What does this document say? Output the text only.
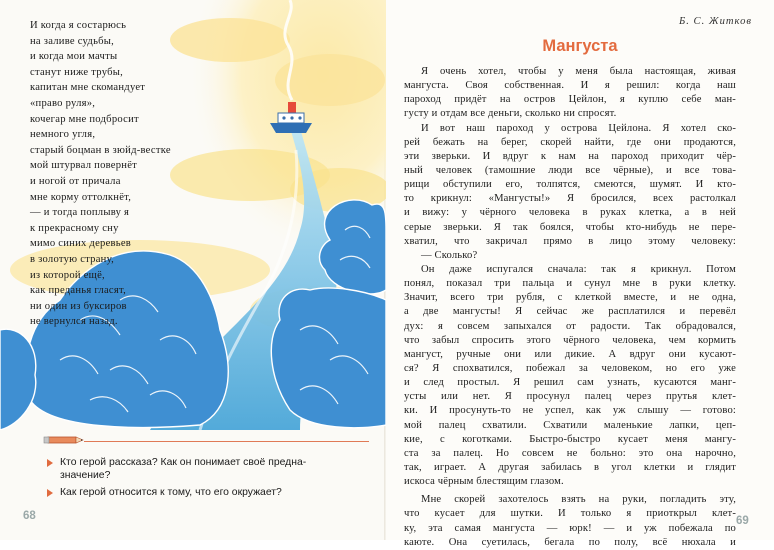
И когда я состарюсь
на заливе судьбы,
и когда мои мачты
станут ниже трубы,
капитан мне скомандует
«право руля»,
кочегар мне подбросит
немного угля,
старый боцман в зюйд-вестке
мой штурвал повернёт
и ногой от причала
мне корму оттолкнёт,
— и тогда поплыву я
к прекрасному сну
мимо синих деревьев
в золотую страну,
из которой ещё,
как преданья гласят,
ни один из буксиров
не вернулся назад.
Кто герой рассказа? Как он понимает своё предна-
значение?
Как герой относится к тому, что его окружает?
68
Б. С. Житков
Мангуста
Я очень хотел, чтобы у меня была настоящая, живая
мангуста. Своя собственная. И я решил: когда наш
пароход придёт на остров Цейлон, я куплю себе ман-
густу и отдам все деньги, сколько ни спросят.
И вот наш пароход у острова Цейлона. Я хотел ско-
рей бежать на берег, скорей найти, где они продаются,
эти зверьки. И вдруг к нам на пароход приходит чёр-
ный человек (тамошние люди все чёрные), и все това-
рищи обступили его, толпятся, смеются, шумят. И кто-
то крикнул: «Мангусты!» Я бросился, всех растолкал
и вижу: у чёрного человека в руках клетка, а в ней
серые зверьки. Я так боялся, чтобы кто-нибудь не пере-
хватил, что закричал прямо в лицо этому человеку:
— Сколько?
Он даже испугался сначала: так я крикнул. Потом
понял, показал три пальца и сунул мне в руки клетку.
Значит, всего три рубля, с клеткой вместе, и не одна,
а две мангусты! Я сейчас же расплатился и перевёл
дух: я совсем запыхался от радости. Так обрадовался,
что забыл спросить этого чёрного человека, чем кормить
мангуст, ручные они или дикие. А вдруг они кусают-
ся? Я спохватился, побежал за человеком, но его уже
и след простыл. Я решил сам узнать, кусаются манг-
усты или нет. Я просунул палец через прутья клет-
ки. И просунуть-то не успел, как уж слышу — готово:
мой палец схватили. Схватили маленькие лапки, цеп-
кие, с коготками. Быстро-быстро кусает меня мангу-
ста за палец. Но совсем не больно: это она нарочно,
так, играет. А другая забилась в угол клетки и глядит
искоса чёрным блестящим глазом.
Мне скорей захотелось взять на руки, погладить эту,
что кусает для шутки. И только я приоткрыл клет-
ку, эта самая мангуста — юрк! — и уж побежала по
каюте. Она суетилась, бегала по полу, всё нюхала и
69
